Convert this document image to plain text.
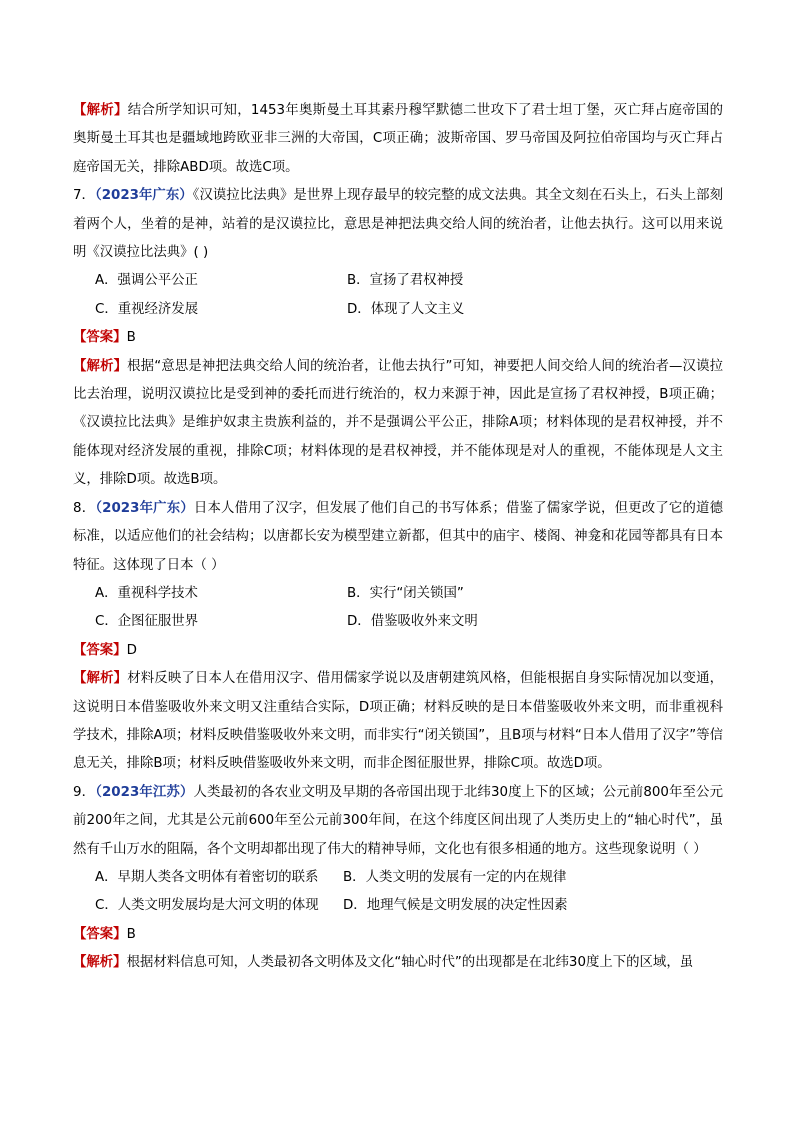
【解析】结合所学知识可知，1453年奥斯曼土耳其素丹穆罕默德二世攻下了君士坦丁堡，灭亡拜占庭帝国的奥斯曼土耳其也是疆域地跨欧亚非三洲的大帝国，C项正确；波斯帝国、罗马帝国及阿拉伯帝国均与灭亡拜占庭帝国无关，排除ABD项。故选C项。

7．（2023年广东）《汉谟拉比法典》是世界上现存最早的较完整的成文法典。其全文刻在石头上，石头上部刻着两个人，坐着的是神，站着的是汉谟拉比，意思是神把法典交给人间的统治者，让他去执行。这可以用来说明《汉谟拉比法典》( )

A．强调公平公正	B．宣扬了君权神授
C．重视经济发展	D．体现了人文主义

【答案】B

【解析】根据“意思是神把法典交给人间的统治者，让他去执行”可知，神要把人间交给人间的统治者—汉谟拉比去治理，说明汉谟拉比是受到神的委托而进行统治的，权力来源于神，因此是宣扬了君权神授，B项正确；《汉谟拉比法典》是维护奴隶主贵族利益的，并不是强调公平公正，排除A项；材料体现的是君权神授，并不能体现对经济发展的重视，排除C项；材料体现的是君权神授，并不能体现是对人的重视，不能体现是人文主义，排除D项。故选B项。

8．（2023年广东）日本人借用了汉字，但发展了他们自己的书写体系；借鉴了儒家学说，但更改了它的道德标准，以适应他们的社会结构；以唐都长安为模型建立新都，但其中的庙宇、楼阁、神龛和花园等都具有日本特征。这体现了日本（ ）

A．重视科学技术	B．实行“闭关锁国”
C．企图征服世界	D．借鉴吸收外来文明

【答案】D

【解析】材料反映了日本人在借用汉字、借用儒家学说以及唐朝建筑风格，但能根据自身实际情况加以变通，这说明日本借鉴吸收外来文明又注重结合实际，D项正确；材料反映的是日本借鉴吸收外来文明，而非重视科学技术，排除A项；材料反映借鉴吸收外来文明，而非实行“闭关锁国”，且B项与材料“日本人借用了汉字”等信息无关，排除B项；材料反映借鉴吸收外来文明，而非企图征服世界，排除C项。故选D项。

9．（2023年江苏）人类最初的各农业文明及早期的各帝国出现于北纬30度上下的区域；公元前800年至公元前200年之间，尤其是公元前600年至公元前300年间，在这个纬度区间出现了人类历史上的“轴心时代”，虽然有千山万水的阻隔，各个文明却都出现了伟大的精神导师，文化也有很多相通的地方。这些现象说明（ ）

A．早期人类各文明体有着密切的联系	B．人类文明的发展有一定的内在规律
C．人类文明发展均是大河文明的体现	D．地理气候是文明发展的决定性因素

【答案】B

【解析】根据材料信息可知，人类最初各文明体及文化“轴心时代”的出现都是在北纬30度上下的区域，虽
